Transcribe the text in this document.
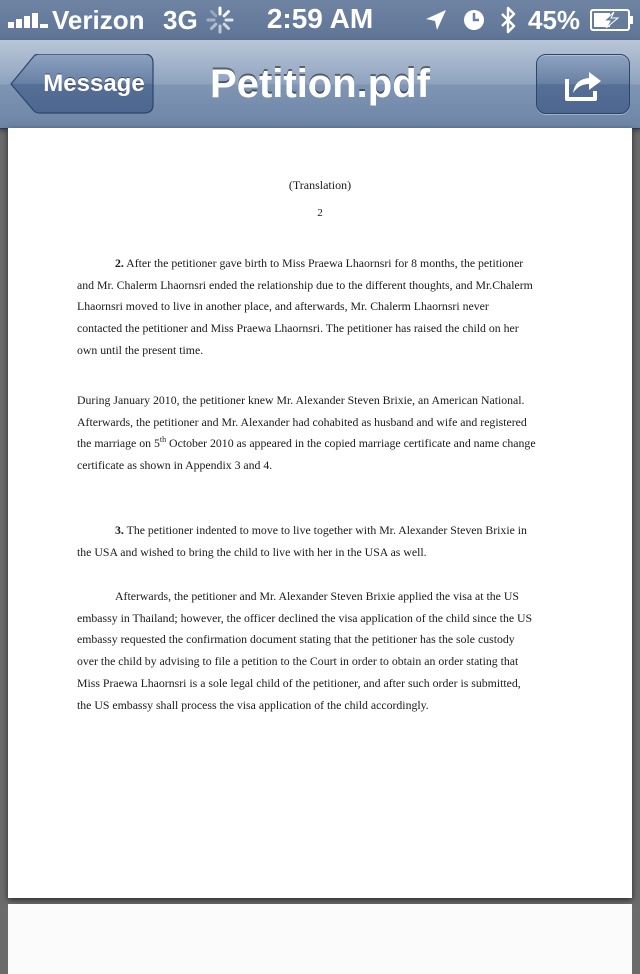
Verizon 3G	2:59 AM	45%
Message	Petition.pdf
(Translation)
2

2. After the petitioner gave birth to Miss Praewa Lhaornsri for 8 months, the petitioner
and Mr. Chalerm Lhaornsri ended the relationship due to the different thoughts, and Mr.Chalerm
Lhaornsri moved to live in another place, and afterwards, Mr. Chalerm Lhaornsri never
contacted the petitioner and Miss Praewa Lhaornsri. The petitioner has raised the child on her
own until the present time.

During January 2010, the petitioner knew Mr. Alexander Steven Brixie, an American National.
Afterwards, the petitioner and Mr. Alexander had cohabited as husband and wife and registered
the marriage on 5th October 2010 as appeared in the copied marriage certificate and name change
certificate as shown in Appendix 3 and 4.

3. The petitioner indented to move to live together with Mr. Alexander Steven Brixie in
the USA and wished to bring the child to live with her in the USA as well.

Afterwards, the petitioner and Mr. Alexander Steven Brixie applied the visa at the US
embassy in Thailand; however, the officer declined the visa application of the child since the US
embassy requested the confirmation document stating that the petitioner has the sole custody
over the child by advising to file a petition to the Court in order to obtain an order stating that
Miss Praewa Lhaornsri is a sole legal child of the petitioner, and after such order is submitted,
the US embassy shall process the visa application of the child accordingly.
